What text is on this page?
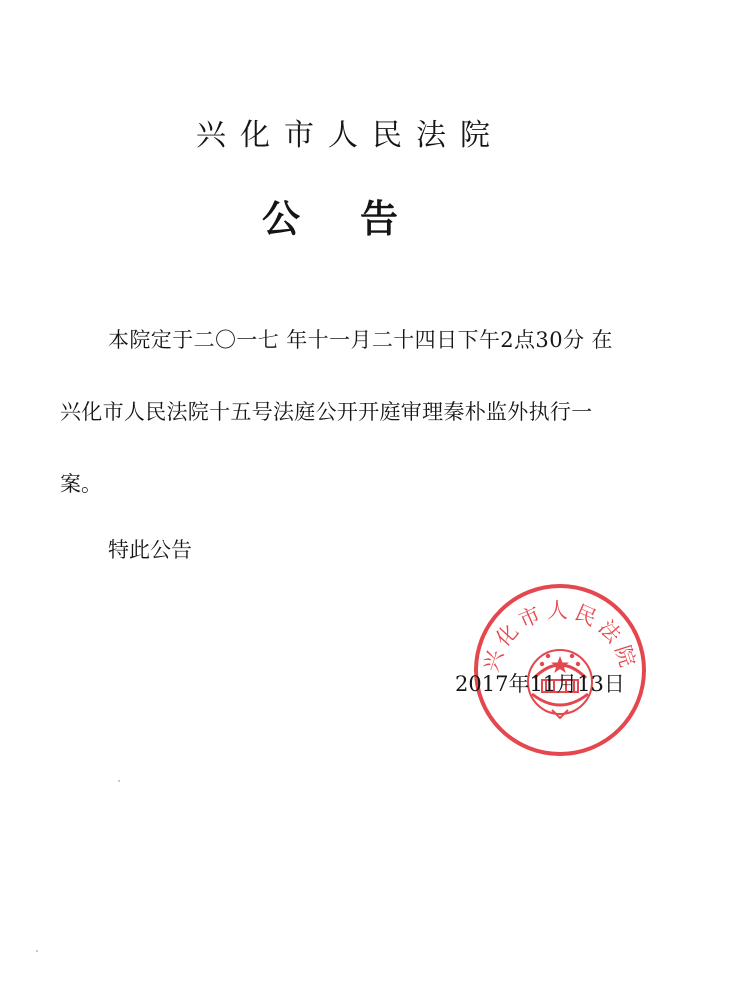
兴化市人民法院
公告
本院定于二〇一七 年十一月二十四日下午2点30分 在
兴化市人民法院十五号法庭公开开庭审理秦朴监外执行一
案。
特此公告
兴化市人民法院
2017年11月13日
